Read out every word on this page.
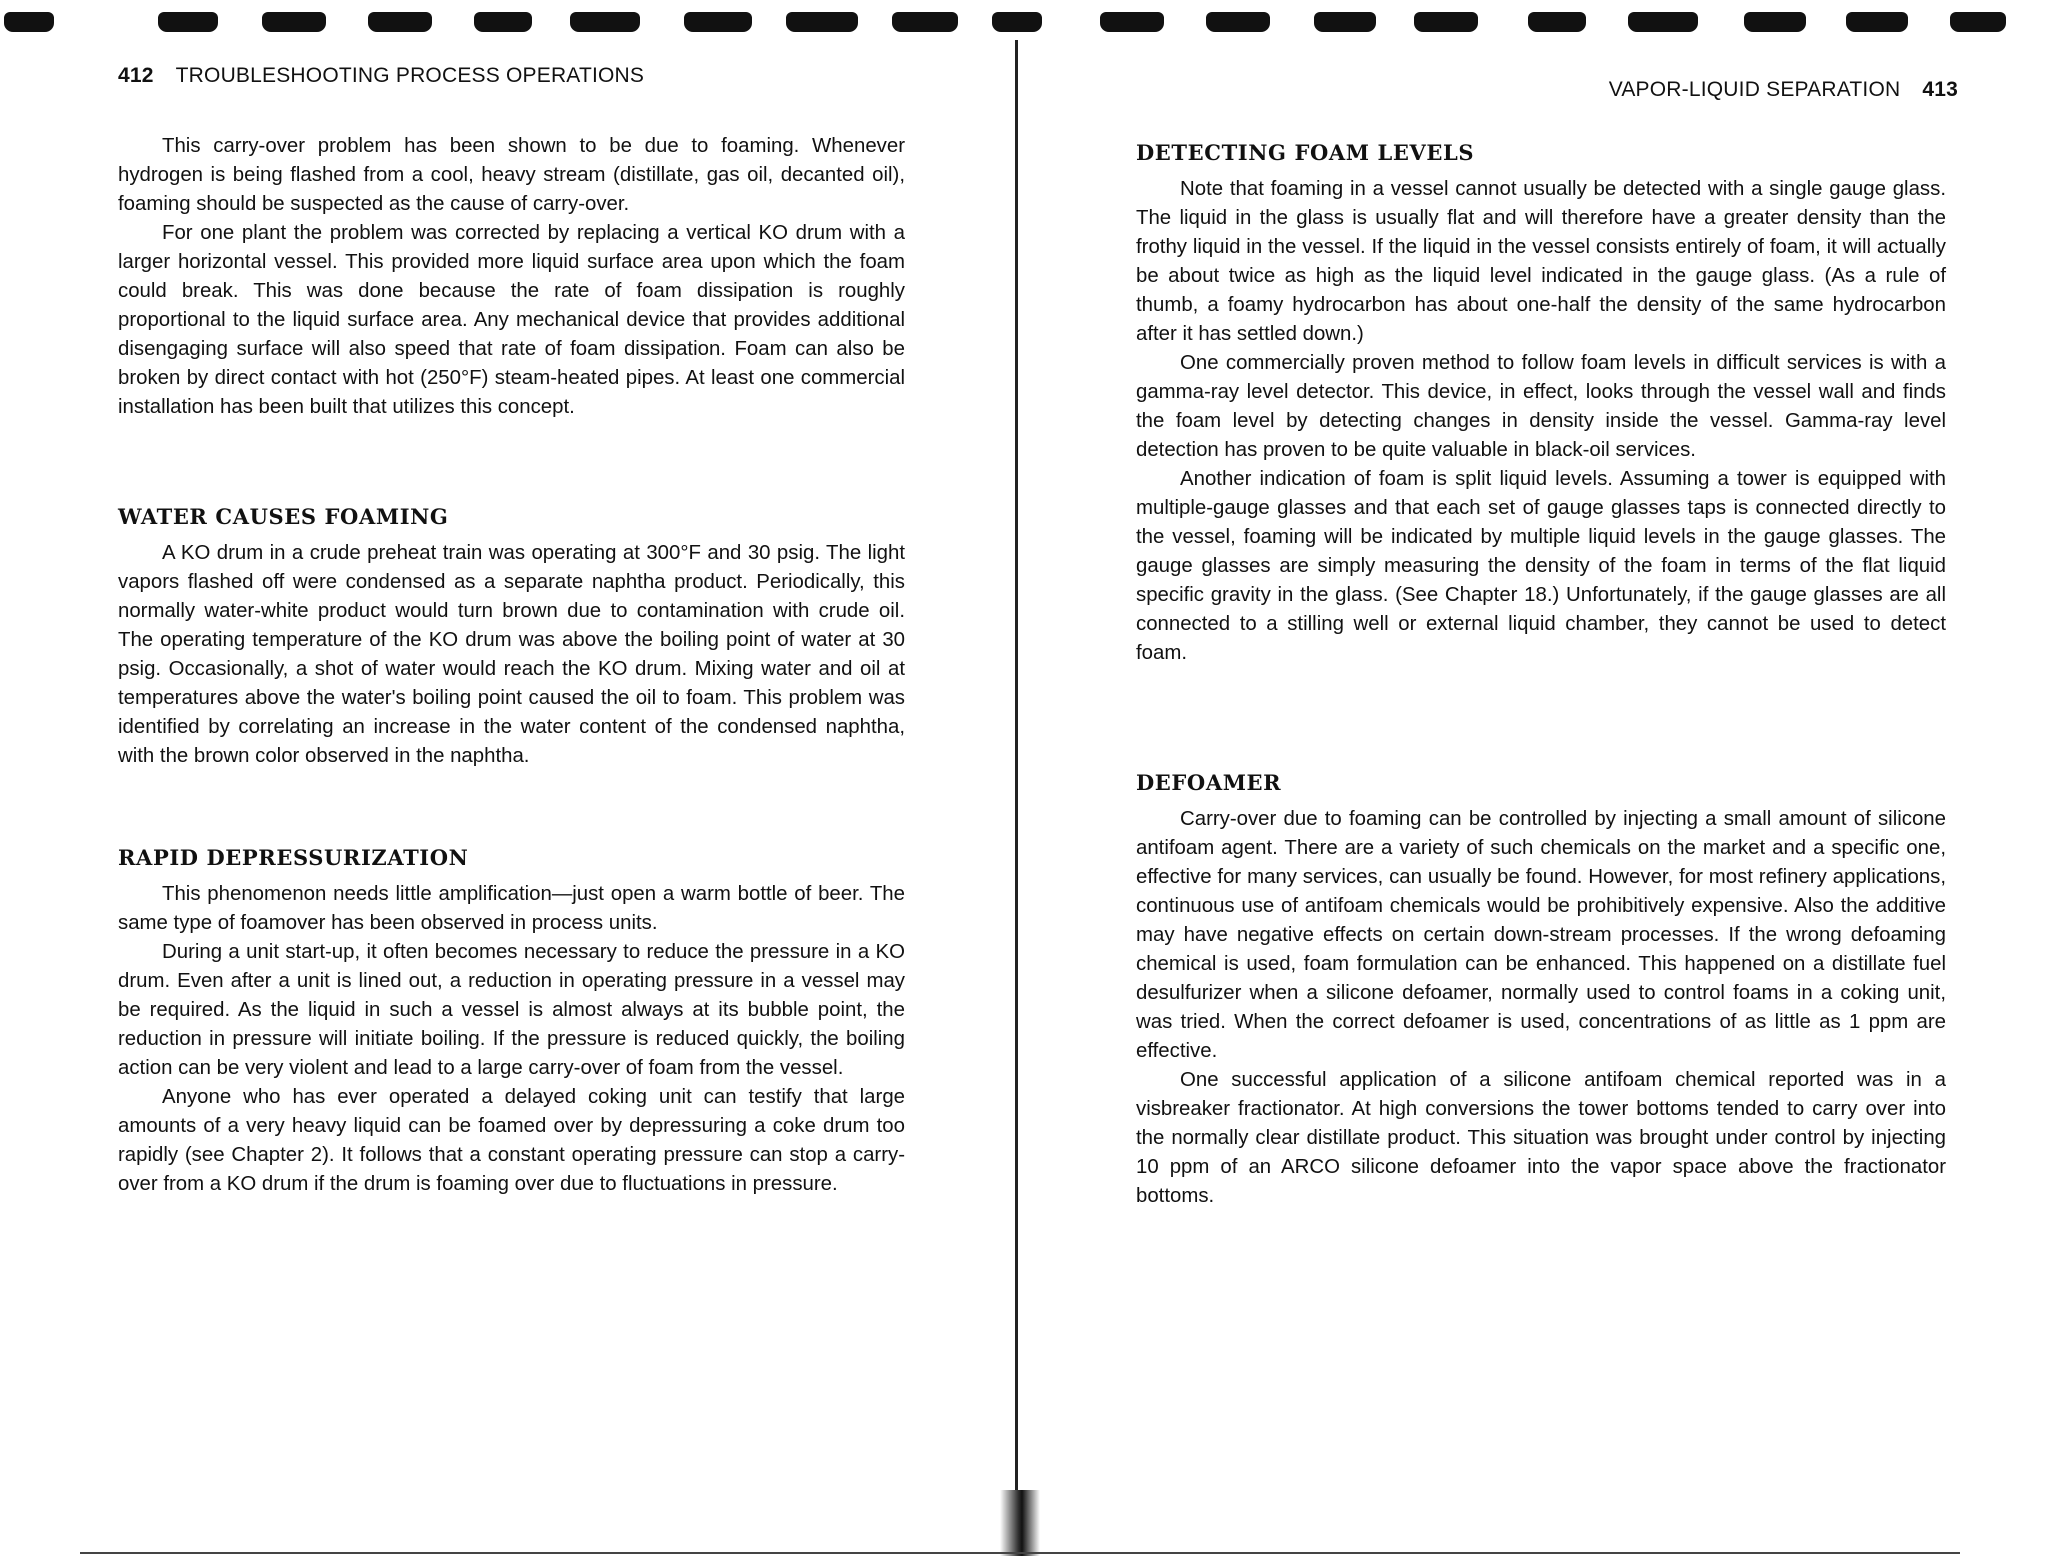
412 TROUBLESHOOTING PROCESS OPERATIONS

This carry-over problem has been shown to be due to foaming. Whenever hydrogen is being flashed from a cool, heavy stream (distillate, gas oil, decanted oil), foaming should be suspected as the cause of carry-over.

For one plant the problem was corrected by replacing a vertical KO drum with a larger horizontal vessel. This provided more liquid surface area upon which the foam could break. This was done because the rate of foam dissipation is roughly proportional to the liquid surface area. Any mechanical device that provides additional disengaging surface will also speed that rate of foam dissipation. Foam can also be broken by direct contact with hot (250°F) steam-heated pipes. At least one commercial installation has been built that utilizes this concept.

WATER CAUSES FOAMING

A KO drum in a crude preheat train was operating at 300°F and 30 psig. The light vapors flashed off were condensed as a separate naphtha product. Periodically, this normally water-white product would turn brown due to contamination with crude oil. The operating temperature of the KO drum was above the boiling point of water at 30 psig. Occasionally, a shot of water would reach the KO drum. Mixing water and oil at temperatures above the water's boiling point caused the oil to foam. This problem was identified by correlating an increase in the water content of the condensed naphtha, with the brown color observed in the naphtha.

RAPID DEPRESSURIZATION

This phenomenon needs little amplification—just open a warm bottle of beer. The same type of foamover has been observed in process units.

During a unit start-up, it often becomes necessary to reduce the pressure in a KO drum. Even after a unit is lined out, a reduction in operating pressure in a vessel may be required. As the liquid in such a vessel is almost always at its bubble point, the reduction in pressure will initiate boiling. If the pressure is reduced quickly, the boiling action can be very violent and lead to a large carry-over of foam from the vessel.

Anyone who has ever operated a delayed coking unit can testify that large amounts of a very heavy liquid can be foamed over by depressuring a coke drum too rapidly (see Chapter 2). It follows that a constant operating pressure can stop a carry-over from a KO drum if the drum is foaming over due to fluctuations in pressure.

VAPOR-LIQUID SEPARATION 413
DETECTING FOAM LEVELS

Note that foaming in a vessel cannot usually be detected with a single gauge glass. The liquid in the glass is usually flat and will therefore have a greater density than the frothy liquid in the vessel. If the liquid in the vessel consists entirely of foam, it will actually be about twice as high as the liquid level indicated in the gauge glass. (As a rule of thumb, a foamy hydrocarbon has about one-half the density of the same hydrocarbon after it has settled down.)

One commercially proven method to follow foam levels in difficult services is with a gamma-ray level detector. This device, in effect, looks through the vessel wall and finds the foam level by detecting changes in density inside the vessel. Gamma-ray level detection has proven to be quite valuable in black-oil services.

Another indication of foam is split liquid levels. Assuming a tower is equipped with multiple-gauge glasses and that each set of gauge glasses taps is connected directly to the vessel, foaming will be indicated by multiple liquid levels in the gauge glasses. The gauge glasses are simply measuring the density of the foam in terms of the flat liquid specific gravity in the glass. (See Chapter 18.) Unfortunately, if the gauge glasses are all connected to a stilling well or external liquid chamber, they cannot be used to detect foam.

DEFOAMER

Carry-over due to foaming can be controlled by injecting a small amount of silicone antifoam agent. There are a variety of such chemicals on the market and a specific one, effective for many services, can usually be found. However, for most refinery applications, continuous use of antifoam chemicals would be prohibitively expensive. Also the additive may have negative effects on certain down-stream processes. If the wrong defoaming chemical is used, foam formulation can be enhanced. This happened on a distillate fuel desulfurizer when a silicone defoamer, normally used to control foams in a coking unit, was tried. When the correct defoamer is used, concentrations of as little as 1 ppm are effective.

One successful application of a silicone antifoam chemical reported was in a visbreaker fractionator. At high conversions the tower bottoms tended to carry over into the normally clear distillate product. This situation was brought under control by injecting 10 ppm of an ARCO silicone defoamer into the vapor space above the fractionator bottoms.
